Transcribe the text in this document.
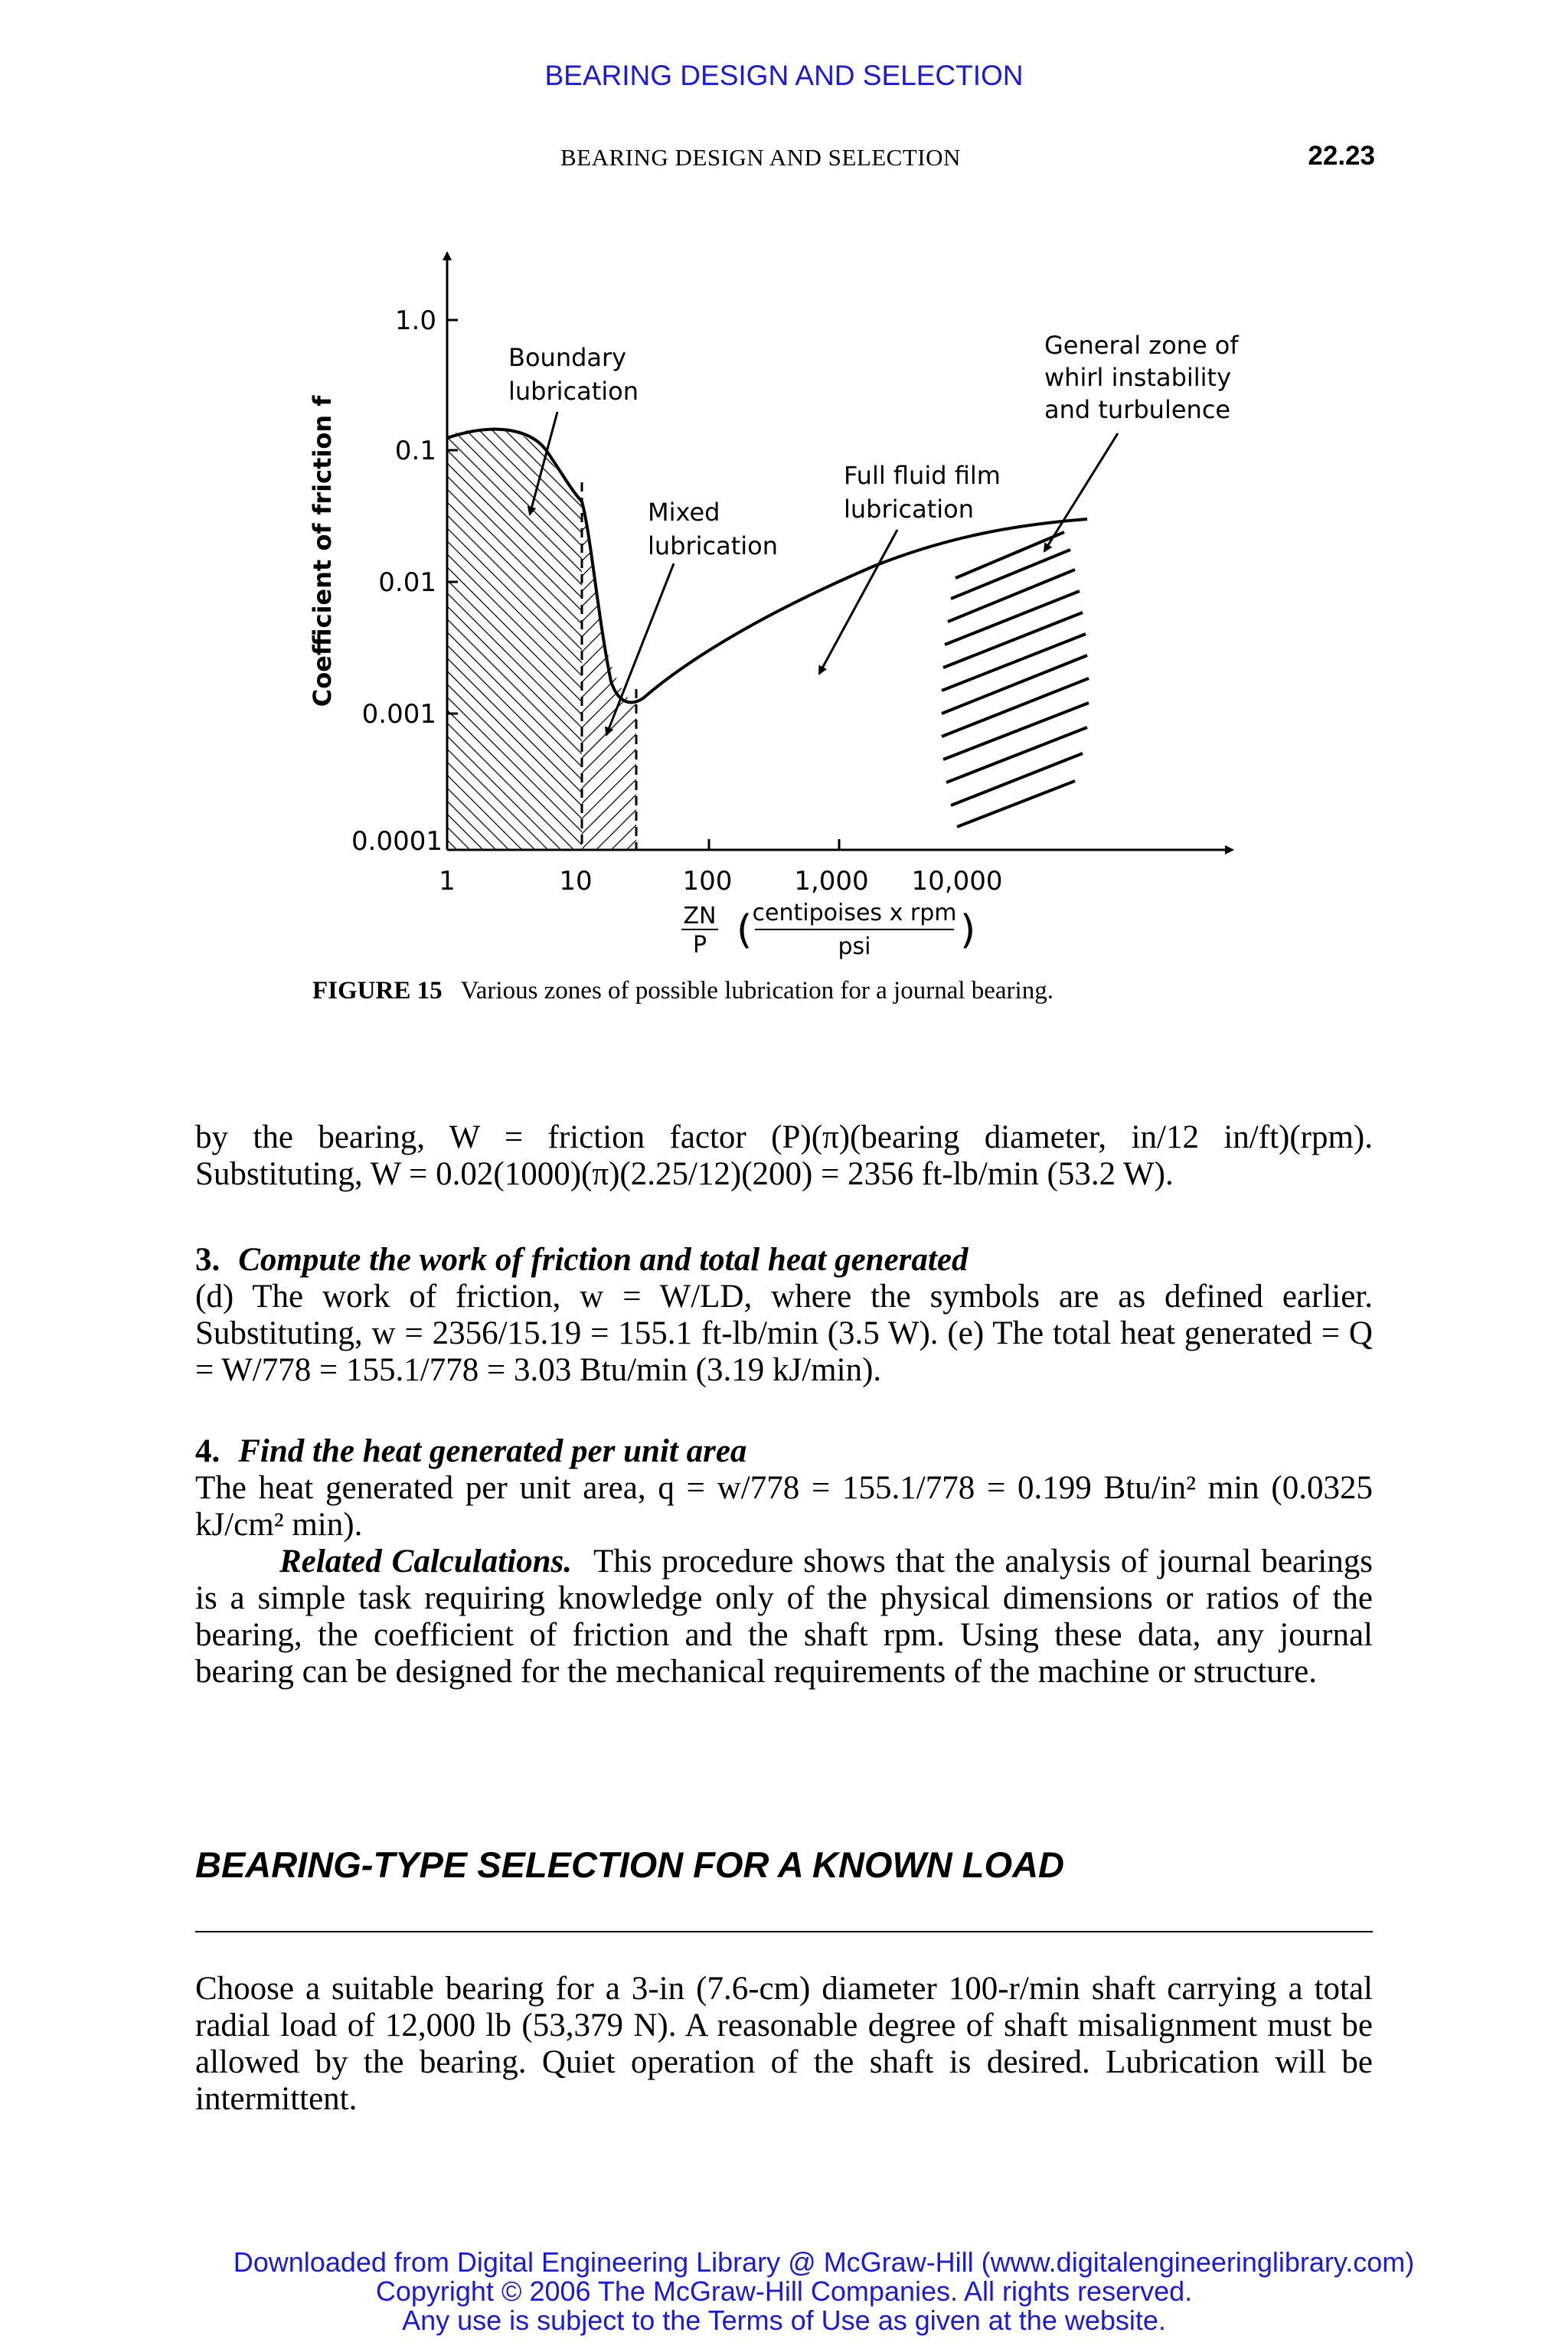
BEARING DESIGN AND SELECTION
BEARING DESIGN AND SELECTION	22.23
1.0
0.1
0.01
0.001
0.0001
1	10	100 1,000 10,000
Coefficient of friction f
ZN
P ( centipoises x rpm
psi )
Boundary
lubrication
Mixed
lubrication
Full fluid film
lubrication
General zone of
whirl instability
and turbulence
FIGURE 15 Various zones of possible lubrication for a journal bearing.
by the bearing, W = friction factor (P)(π)(bearing diameter, in/12 in/ft)(rpm). Substituting, W = 0.02(1000)(π)(2.25/12)(200) = 2356 ft-lb/min (53.2 W).
3. Compute the work of friction and total heat generated
(d) The work of friction, w = W/LD, where the symbols are as defined earlier. Substituting, w = 2356/15.19 = 155.1 ft-lb/min (3.5 W). (e) The total heat generated = Q = W/778 = 155.1/778 = 3.03 Btu/min (3.19 kJ/min).
4. Find the heat generated per unit area
The heat generated per unit area, q = w/778 = 155.1/778 = 0.199 Btu/in² min (0.0325 kJ/cm² min).
Related Calculations. This procedure shows that the analysis of journal bearings is a simple task requiring knowledge only of the physical dimensions or ratios of the bearing, the coefficient of friction and the shaft rpm. Using these data, any journal bearing can be designed for the mechanical requirements of the machine or structure.
BEARING-TYPE SELECTION FOR A KNOWN LOAD
Choose a suitable bearing for a 3-in (7.6-cm) diameter 100-r/min shaft carrying a total radial load of 12,000 lb (53,379 N). A reasonable degree of shaft misalignment must be allowed by the bearing. Quiet operation of the shaft is desired. Lubrication will be intermittent.
Downloaded from Digital Engineering Library @ McGraw-Hill (www.digitalengineeringlibrary.com)
Copyright © 2006 The McGraw-Hill Companies. All rights reserved.
Any use is subject to the Terms of Use as given at the website.
